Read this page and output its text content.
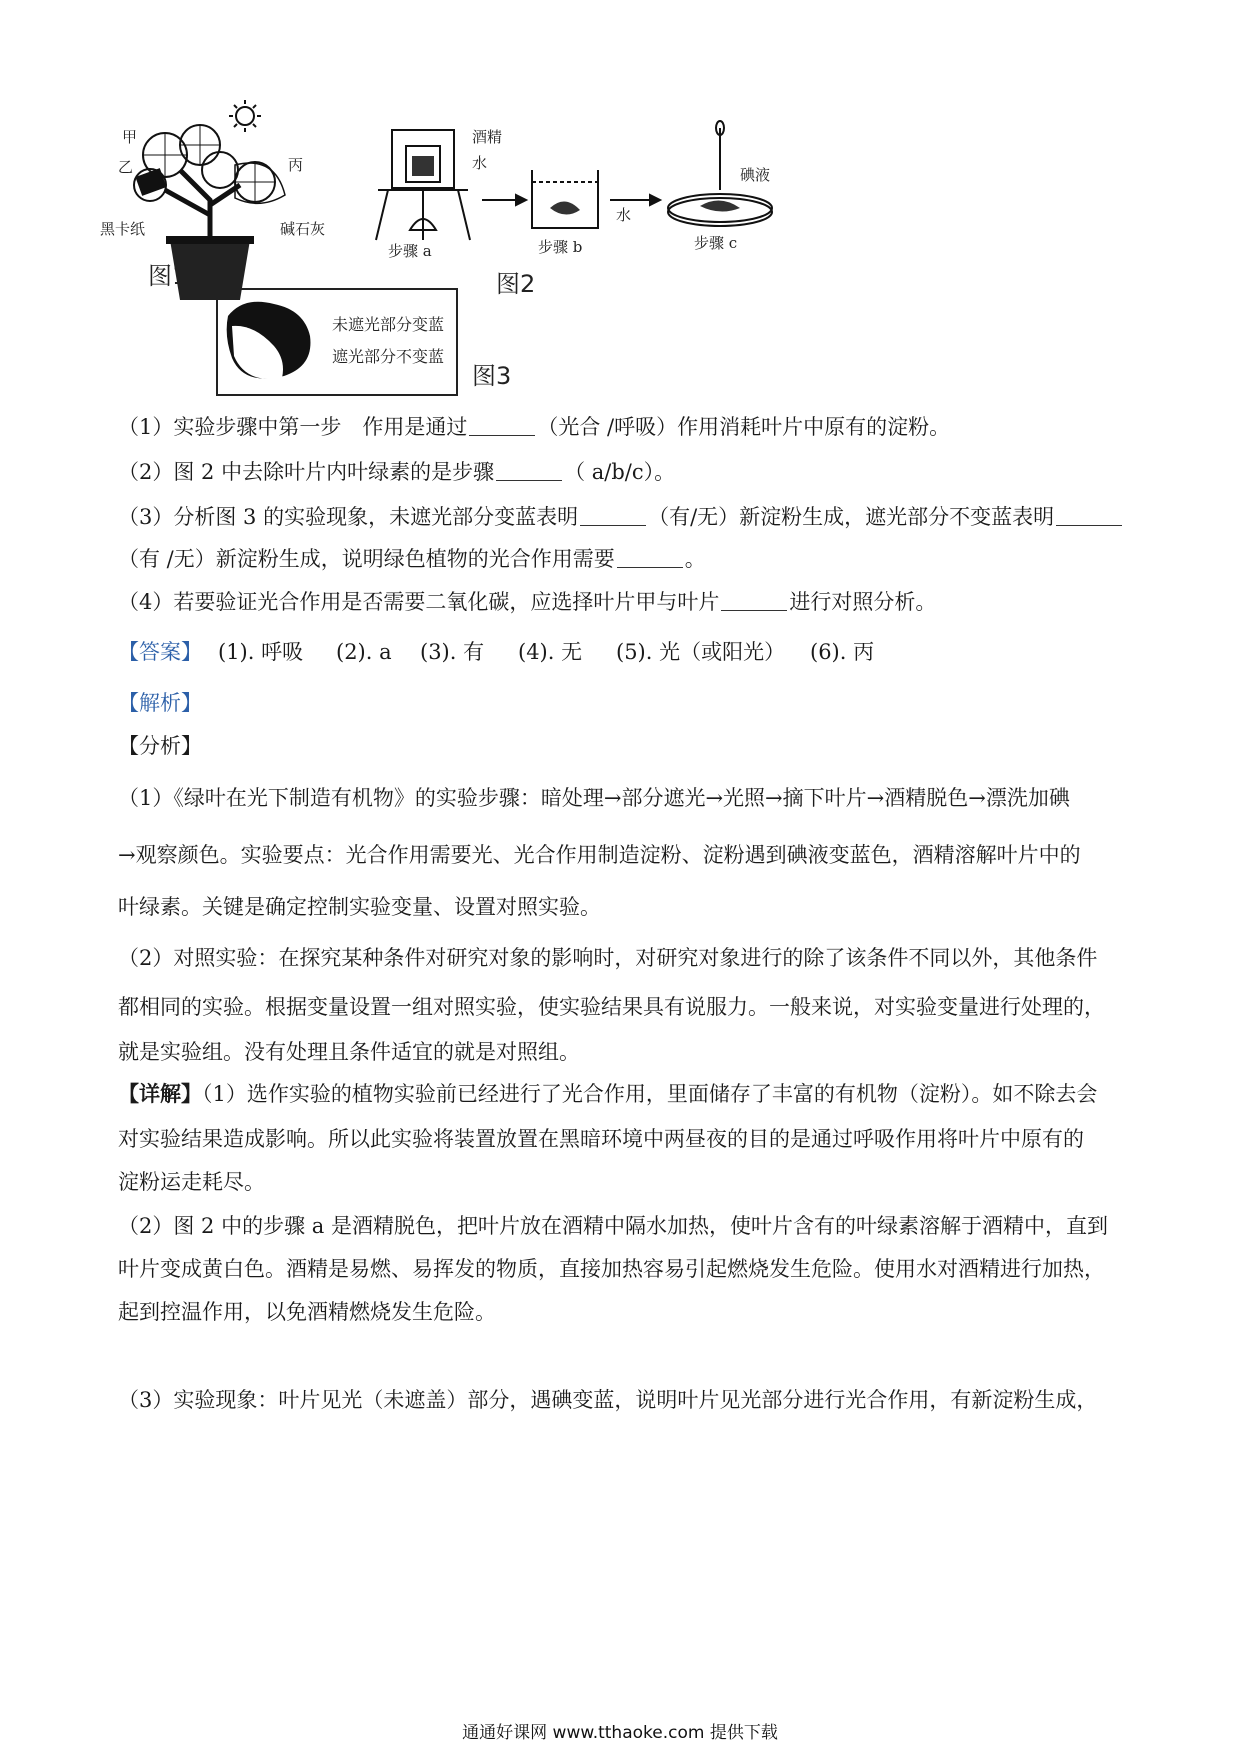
甲
乙	丙
黑卡纸	碱石灰
图1
酒精
水
水
碘液
步骤 a	步骤 b	步骤 c
图2
未遮光部分变蓝
遮光部分不变蓝
图3
（1）实验步骤中第一步　作用是通过	（光合 /呼吸）作用消耗叶片中原有的淀粉。
（2）图 2 中去除叶片内叶绿素的是步骤	（ a/b/c）。
（3）分析图 3 的实验现象，未遮光部分变蓝表明	（有/无）新淀粉生成，遮光部分不变蓝表明
（有 /无）新淀粉生成，说明绿色植物的光合作用需要	。
（4）若要验证光合作用是否需要二氧化碳，应选择叶片甲与叶片	进行对照分析。
【答案】 (1). 呼吸 (2). a (3). 有 (4). 无 (5). 光（或阳光） (6). 丙
【解析】
【分析】
（1）《绿叶在光下制造有机物》的实验步骤：暗处理→部分遮光→光照→摘下叶片→酒精脱色→漂洗加碘
→观察颜色。实验要点：光合作用需要光、光合作用制造淀粉、淀粉遇到碘液变蓝色，酒精溶解叶片中的
叶绿素。关键是确定控制实验变量、设置对照实验。
（2）对照实验：在探究某种条件对研究对象的影响时，对研究对象进行的除了该条件不同以外，其他条件
都相同的实验。根据变量设置一组对照实验，使实验结果具有说服力。一般来说，对实验变量进行处理的，
就是实验组。没有处理且条件适宜的就是对照组。
【详解】（1）选作实验的植物实验前已经进行了光合作用，里面储存了丰富的有机物（淀粉）。如不除去会
对实验结果造成影响。所以此实验将装置放置在黑暗环境中两昼夜的目的是通过呼吸作用将叶片中原有的
淀粉运走耗尽。
（2）图 2 中的步骤 a 是酒精脱色，把叶片放在酒精中隔水加热，使叶片含有的叶绿素溶解于酒精中，直到
叶片变成黄白色。酒精是易燃、易挥发的物质，直接加热容易引起燃烧发生危险。使用水对酒精进行加热，
起到控温作用，以免酒精燃烧发生危险。
（3）实验现象：叶片见光（未遮盖）部分，遇碘变蓝，说明叶片见光部分进行光合作用，有新淀粉生成，
通通好课网 www.tthaoke.com 提供下载
